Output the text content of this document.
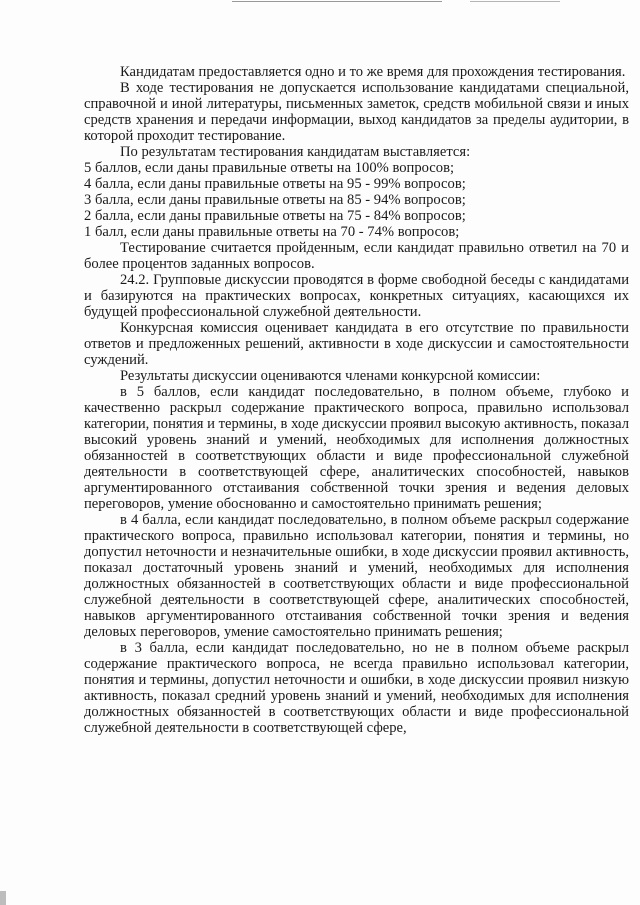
Кандидатам предоставляется одно и то же время для прохождения тестирования.

В ходе тестирования не допускается использование кандидатами специальной, справочной и иной литературы, письменных заметок, средств мобильной связи и иных средств хранения и передачи информации, выход кандидатов за пределы аудитории, в которой проходит тестирование.

По результатам тестирования кандидатам выставляется:

5 баллов, если даны правильные ответы на 100% вопросов;

4 балла, если даны правильные ответы на 95 - 99% вопросов;

3 балла, если даны правильные ответы на 85 - 94% вопросов;

2 балла, если даны правильные ответы на 75 - 84% вопросов;

1 балл, если даны правильные ответы на 70 - 74% вопросов;

Тестирование считается пройденным, если кандидат правильно ответил на 70 и более процентов заданных вопросов.

24.2. Групповые дискуссии проводятся в форме свободной беседы с кандидатами и базируются на практических вопросах, конкретных ситуациях, касающихся их будущей профессиональной служебной деятельности.

Конкурсная комиссия оценивает кандидата в его отсутствие по правильности ответов и предложенных решений, активности в ходе дискуссии и самостоятельности суждений.

Результаты дискуссии оцениваются членами конкурсной комиссии:

в 5 баллов, если кандидат последовательно, в полном объеме, глубоко и качественно раскрыл содержание практического вопроса, правильно использовал категории, понятия и термины, в ходе дискуссии проявил высокую активность, показал высокий уровень знаний и умений, необходимых для исполнения должностных обязанностей в соответствующих области и виде профессиональной служебной деятельности в соответствующей сфере, аналитических способностей, навыков аргументированного отстаивания собственной точки зрения и ведения деловых переговоров, умение обоснованно и самостоятельно принимать решения;

в 4 балла, если кандидат последовательно, в полном объеме раскрыл содержание практического вопроса, правильно использовал категории, понятия и термины, но допустил неточности и незначительные ошибки, в ходе дискуссии проявил активность, показал достаточный уровень знаний и умений, необходимых для исполнения должностных обязанностей в соответствующих области и виде профессиональной служебной деятельности в соответствующей сфере, аналитических способностей, навыков аргументированного отстаивания собственной точки зрения и ведения деловых переговоров, умение самостоятельно принимать решения;

в 3 балла, если кандидат последовательно, но не в полном объеме раскрыл содержание практического вопроса, не всегда правильно использовал категории, понятия и термины, допустил неточности и ошибки, в ходе дискуссии проявил низкую активность, показал средний уровень знаний и умений, необходимых для исполнения должностных обязанностей в соответствующих области и виде профессиональной служебной деятельности в соответствующей сфере,
